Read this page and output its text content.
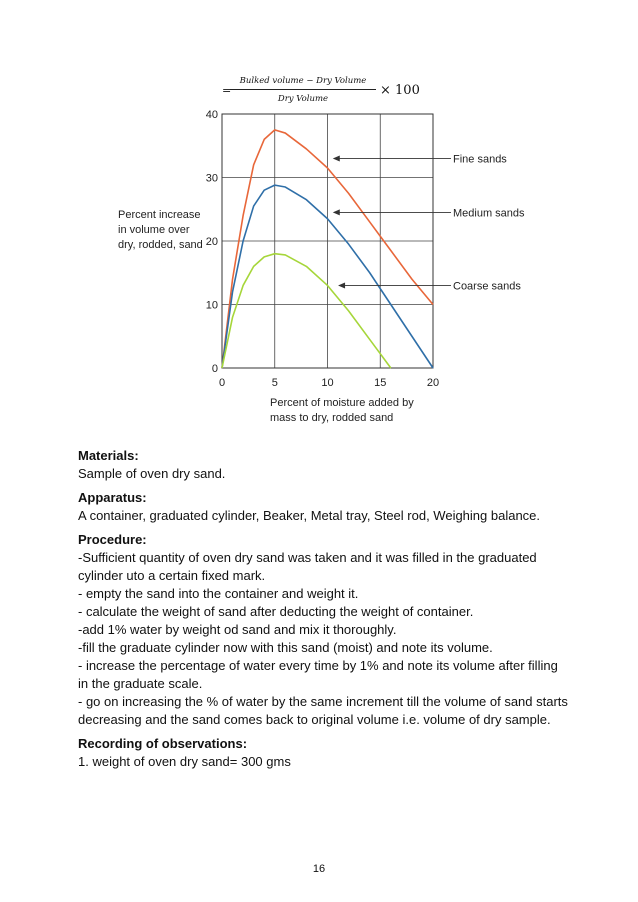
=
Bulked volume − Dry Volume
Dry Volume
× 100
0	5	10	15	20
0
10
20
30
40
Percent increase
in volume over
dry, rodded, sand
Percent of moisture added by
mass to dry, rodded sand
Fine sands
Medium sands
Coarse sands
Materials:
Sample of oven dry sand.
Apparatus:
A container, graduated cylinder, Beaker, Metal tray, Steel rod, Weighing balance.
Procedure:
-Sufficient quantity of oven dry sand was taken and it was filled in the graduated cylinder uto a certain fixed mark.
- empty the sand into the container and weight it.
- calculate the weight of sand after deducting the weight of container.
-add 1% water by weight od sand and mix it thoroughly.
-fill the graduate cylinder now with this sand (moist) and note its volume.
- increase the percentage of water every time by 1% and note its volume after filling in the graduate scale.
- go on increasing the % of water by the same increment till the volume of sand starts decreasing and the sand comes back to original volume i.e. volume of dry sample.
Recording of observations:
1. weight of oven dry sand= 300 gms
16
